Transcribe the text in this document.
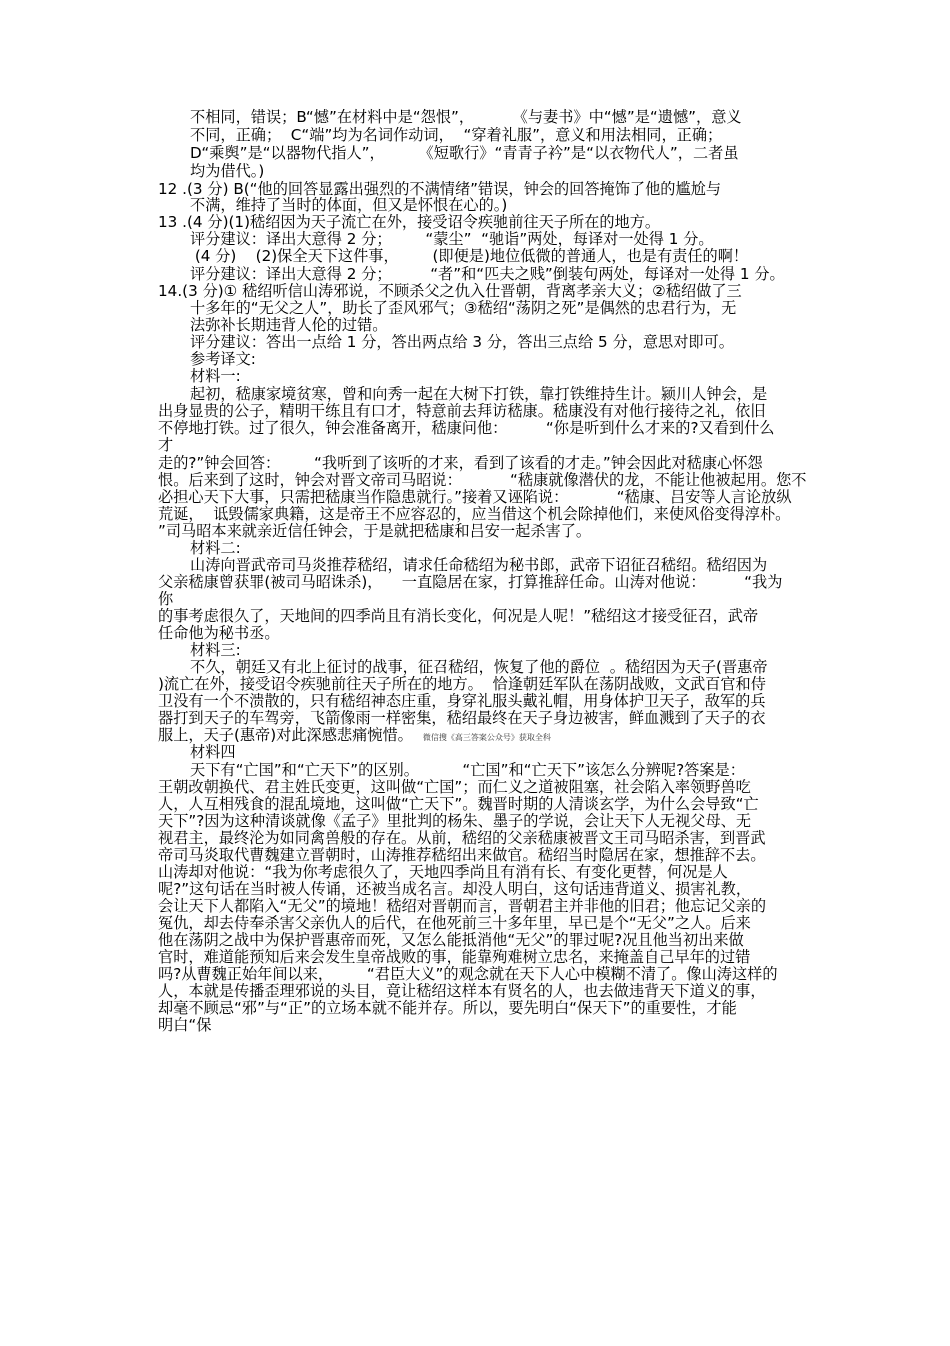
不相同，错误；B“憾”在材料中是“怨恨”，        《与妻书》中“憾”是“遗憾”，意义
不同，正确；  C“端”均为名词作动词，  “穿着礼服”，意义和用法相同，正确；
D“乘舆”是“以器物代指人”，       《短歌行》“青青子衿”是“以衣物代人”，二者虽
均为借代。)
12 .(3 分) B(“他的回答显露出强烈的不满情绪”错误，钟会的回答掩饰了他的尴尬与
不满，维持了当时的体面，但又是怀恨在心的。)
13 .(4 分)(1)嵇绍因为天子流亡在外，接受诏令疾驰前往天子所在的地方。
评分建议：译出大意得 2 分；       “蒙尘”  “驰诣”两处，每译对一处得 1 分。
(4 分)    (2)保全天下这件事，       (即便是)地位低微的普通人，也是有责任的啊！
评分建议：译出大意得 2 分；        “者”和“匹夫之贱”倒装句两处，每译对一处得 1 分。
14.(3 分)① 嵇绍听信山涛邪说，不顾杀父之仇入仕晋朝，背离孝亲大义；②嵇绍做了三
十多年的“无父之人”，助长了歪风邪气；③嵇绍“荡阴之死”是偶然的忠君行为，无
法弥补长期违背人伦的过错。
评分建议：答出一点给 1 分，答出两点给 3 分，答出三点给 5 分，意思对即可。
参考译文:
材料一:
起初，嵇康家境贫寒，曾和向秀一起在大树下打铁，靠打铁维持生计。颍川人钟会，是
出身显贵的公子，精明干练且有口才，特意前去拜访嵇康。嵇康没有对他行接待之礼，依旧
不停地打铁。过了很久，钟会准备离开，嵇康问他：        “你是听到什么才来的?又看到什么
才
走的?”钟会回答：       “我听到了该听的才来，看到了该看的才走。”钟会因此对嵇康心怀怨
恨。后来到了这时，钟会对晋文帝司马昭说：          “嵇康就像潜伏的龙，不能让他被起用。您不
必担心天下大事，只需把嵇康当作隐患就行。”接着又诬陷说：          “嵇康、吕安等人言论放纵
荒诞，  诋毁儒家典籍，这是帝王不应容忍的，应当借这个机会除掉他们，来使风俗变得淳朴。
”司马昭本来就亲近信任钟会，于是就把嵇康和吕安一起杀害了。
材料二:
山涛向晋武帝司马炎推荐嵇绍，请求任命嵇绍为秘书郎，武帝下诏征召嵇绍。嵇绍因为
父亲嵇康曾获罪(被司马昭诛杀)，    一直隐居在家，打算推辞任命。山涛对他说：        “我为
你
的事考虑很久了，天地间的四季尚且有消长变化，何况是人呢！”嵇绍这才接受征召，武帝
任命他为秘书丞。
材料三:
不久，朝廷又有北上征讨的战事，征召嵇绍，恢复了他的爵位  。嵇绍因为天子(晋惠帝
)流亡在外，接受诏令疾驰前往天子所在的地方。  恰逢朝廷军队在荡阴战败，文武百官和侍
卫没有一个不溃散的，只有嵇绍神态庄重，身穿礼服头戴礼帽，用身体护卫天子，敌军的兵
器打到天子的车驾旁，飞箭像雨一样密集，嵇绍最终在天子身边被害，鲜血溅到了天子的衣
服上，天子(惠帝)对此深感悲痛惋惜。 微信搜《高三答案公众号》获取全科
材料四
天下有“亡国”和“亡天下”的区别。         “亡国”和“亡天下”该怎么分辨呢?答案是：
王朝改朝换代、君主姓氏变更，这叫做“亡国”；而仁义之道被阻塞，社会陷入率领野兽吃
人，人互相残食的混乱境地，这叫做“亡天下”。魏晋时期的人清谈玄学，为什么会导致“亡
天下”?因为这种清谈就像《孟子》里批判的杨朱、墨子的学说，会让天下人无视父母、无
视君主，最终沦为如同禽兽般的存在。从前，嵇绍的父亲嵇康被晋文王司马昭杀害，到晋武
帝司马炎取代曹魏建立晋朝时，山涛推荐嵇绍出来做官。嵇绍当时隐居在家，想推辞不去。
山涛却对他说：“我为你考虑很久了，天地四季尚且有消有长、有变化更替，何况是人
呢?”这句话在当时被人传诵，还被当成名言。却没人明白，这句话违背道义、损害礼教，
会让天下人都陷入“无父”的境地！嵇绍对晋朝而言，晋朝君主并非他的旧君；他忘记父亲的
冤仇，却去侍奉杀害父亲仇人的后代，在他死前三十多年里，早已是个“无父”之人。后来
他在荡阴之战中为保护晋惠帝而死，又怎么能抵消他“无父”的罪过呢?况且他当初出来做
官时，难道能预知后来会发生皇帝战败的事，能靠殉难树立忠名，来掩盖自己早年的过错
吗?从曹魏正始年间以来，       “君臣大义”的观念就在天下人心中模糊不清了。像山涛这样的
人，本就是传播歪理邪说的头目，竟让嵇绍这样本有贤名的人，也去做违背天下道义的事，
却毫不顾忌“邪”与“正”的立场本就不能并存。所以，要先明白“保天下”的重要性，才能
明白“保
